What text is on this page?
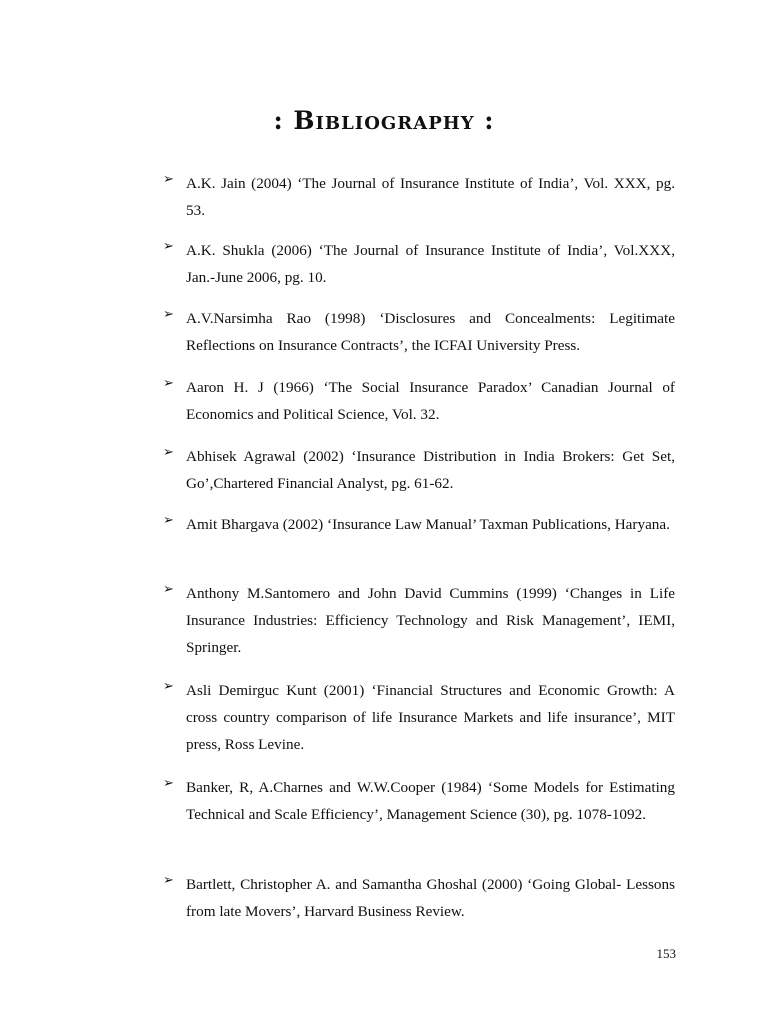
: Bibliography :
➢ A.K. Jain (2004) ‘The Journal of Insurance Institute of India’, Vol. XXX, pg. 53.
➢ A.K. Shukla (2006) ‘The Journal of Insurance Institute of India’, Vol.XXX, Jan.-June 2006, pg. 10.
➢ A.V.Narsimha Rao (1998) ‘Disclosures and Concealments: Legitimate Reflections on Insurance Contracts’, the ICFAI University Press.
➢ Aaron H. J (1966) ‘The Social Insurance Paradox’ Canadian Journal of Economics and Political Science, Vol. 32.
➢ Abhisek Agrawal (2002) ‘Insurance Distribution in India Brokers: Get Set, Go’,Chartered Financial Analyst, pg. 61-62.
➢ Amit Bhargava (2002) ‘Insurance Law Manual’ Taxman Publications, Haryana.
➢ Anthony M.Santomero and John David Cummins (1999) ‘Changes in Life Insurance Industries: Efficiency Technology and Risk Management’, IEMI, Springer.
➢ Asli Demirguc Kunt (2001) ‘Financial Structures and Economic Growth: A cross country comparison of life Insurance Markets and life insurance’, MIT press, Ross Levine.
➢ Banker, R, A.Charnes and W.W.Cooper (1984) ‘Some Models for Estimating Technical and Scale Efficiency’, Management Science (30), pg. 1078-1092.
➢ Bartlett, Christopher A. and Samantha Ghoshal (2000) ‘Going Global- Lessons from late Movers’, Harvard Business Review.
153
